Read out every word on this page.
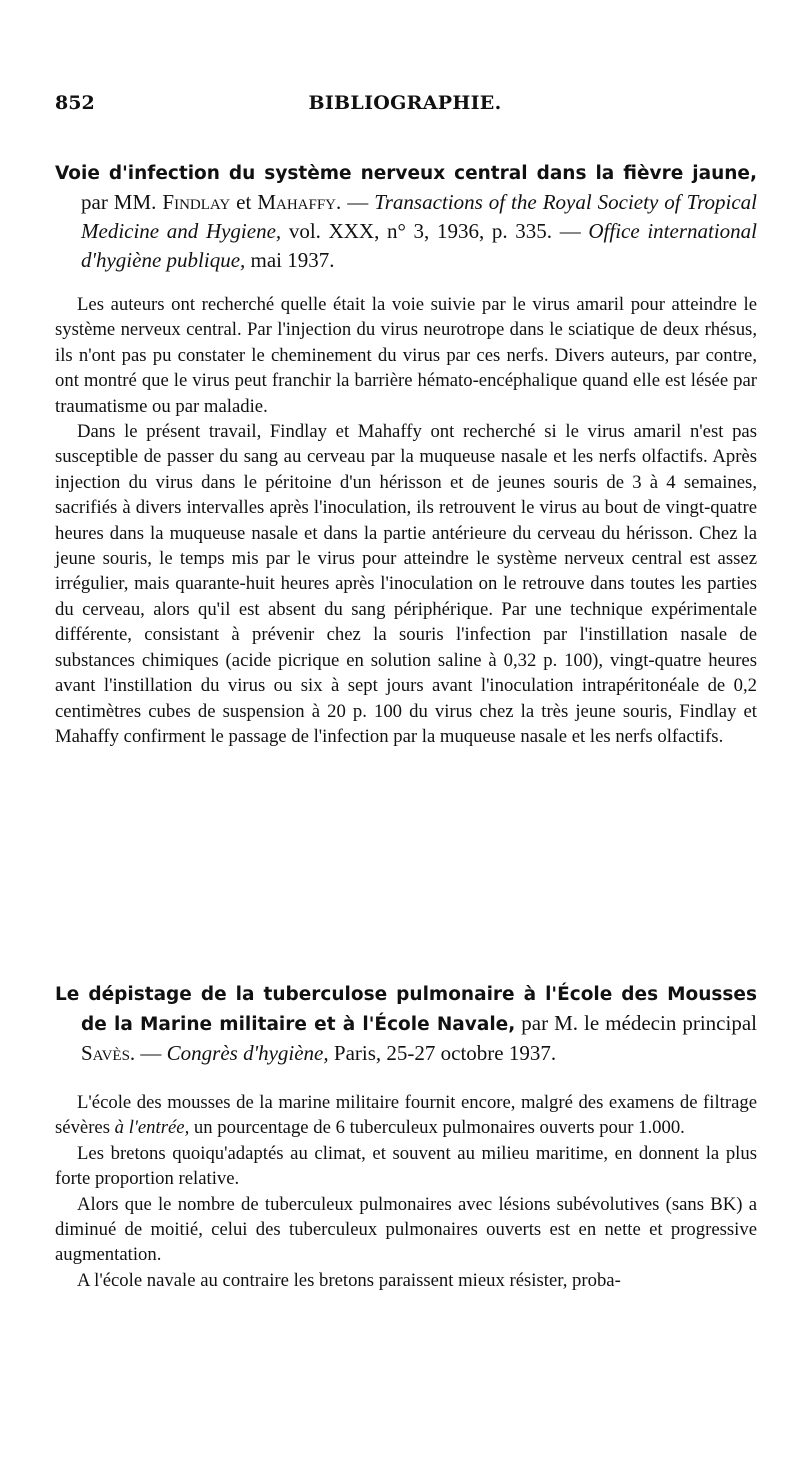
852	BIBLIOGRAPHIE.
Voie d'infection du système nerveux central dans la fièvre jaune, par MM. Findlay et Mahaffy. — Transactions of the Royal Society of Tropical Medicine and Hygiene, vol. XXX, n° 3, 1936, p. 335. — Office international d'hygiène publique, mai 1937.

Les auteurs ont recherché quelle était la voie suivie par le virus amaril pour atteindre le système nerveux central. Par l'injection du virus neurotrope dans le sciatique de deux rhésus, ils n'ont pas pu constater le cheminement du virus par ces nerfs. Divers auteurs, par contre, ont montré que le virus peut franchir la barrière hémato-encéphalique quand elle est lésée par traumatisme ou par maladie.

Dans le présent travail, Findlay et Mahaffy ont recherché si le virus amaril n'est pas susceptible de passer du sang au cerveau par la muqueuse nasale et les nerfs olfactifs. Après injection du virus dans le péritoine d'un hérisson et de jeunes souris de 3 à 4 semaines, sacrifiés à divers intervalles après l'inoculation, ils retrouvent le virus au bout de vingt-quatre heures dans la muqueuse nasale et dans la partie antérieure du cerveau du hérisson. Chez la jeune souris, le temps mis par le virus pour atteindre le système nerveux central est assez irrégulier, mais quarante-huit heures après l'inoculation on le retrouve dans toutes les parties du cerveau, alors qu'il est absent du sang périphérique. Par une technique expérimentale différente, consistant à prévenir chez la souris l'infection par l'instillation nasale de substances chimiques (acide picrique en solution saline à 0,32 p. 100), vingt-quatre heures avant l'instillation du virus ou six à sept jours avant l'inoculation intrapéritonéale de 0,2 centimètres cubes de suspension à 20 p. 100 du virus chez la très jeune souris, Findlay et Mahaffy confirment le passage de l'infection par la muqueuse nasale et les nerfs olfactifs.

Le dépistage de la tuberculose pulmonaire à l'École des Mousses de la Marine militaire et à l'École Navale, par M. le médecin principal Savès. — Congrès d'hygiène, Paris, 25-27 octobre 1937.

L'école des mousses de la marine militaire fournit encore, malgré des examens de filtrage sévères à l'entrée, un pourcentage de 6 tuberculeux pulmonaires ouverts pour 1.000.

Les bretons quoiqu'adaptés au climat, et souvent au milieu maritime, en donnent la plus forte proportion relative.

Alors que le nombre de tuberculeux pulmonaires avec lésions subévolutives (sans BK) a diminué de moitié, celui des tuberculeux pulmonaires ouverts est en nette et progressive augmentation.

A l'école navale au contraire les bretons paraissent mieux résister, proba-
